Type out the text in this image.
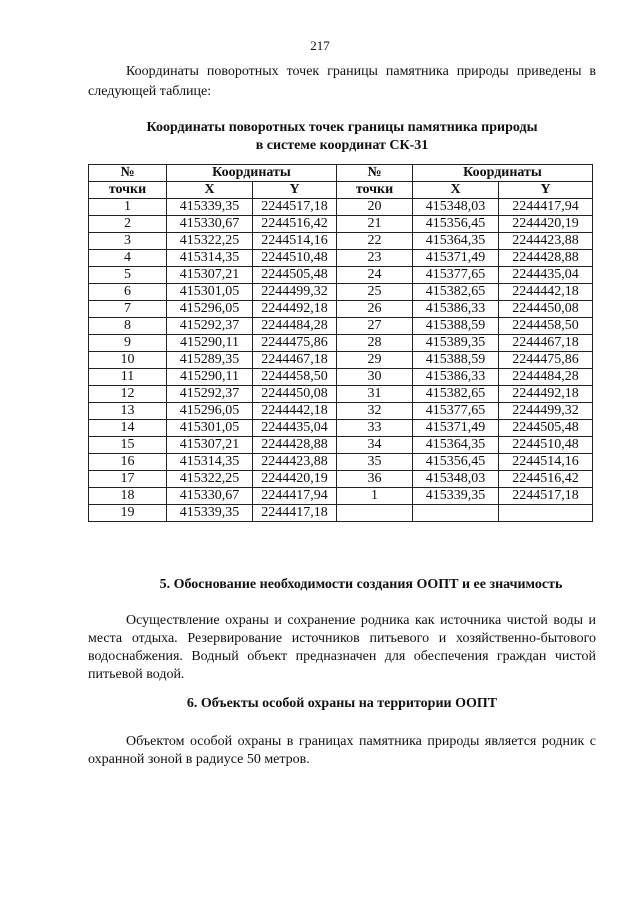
217

Координаты поворотных точек границы памятника природы приведены в следующей таблице:

Координаты поворотных точек границы памятника природы
в системе координат СК-31
№	Координаты		№	Координаты	
точки	X	Y	точки	X	Y
1	415339,35	2244517,18	20	415348,03	2244417,94
2	415330,67	2244516,42	21	415356,45	2244420,19
3	415322,25	2244514,16	22	415364,35	2244423,88
4	415314,35	2244510,48	23	415371,49	2244428,88
5	415307,21	2244505,48	24	415377,65	2244435,04
6	415301,05	2244499,32	25	415382,65	2244442,18
7	415296,05	2244492,18	26	415386,33	2244450,08
8	415292,37	2244484,28	27	415388,59	2244458,50
9	415290,11	2244475,86	28	415389,35	2244467,18
10	415289,35	2244467,18	29	415388,59	2244475,86
11	415290,11	2244458,50	30	415386,33	2244484,28
12	415292,37	2244450,08	31	415382,65	2244492,18
13	415296,05	2244442,18	32	415377,65	2244499,32
14	415301,05	2244435,04	33	415371,49	2244505,48
15	415307,21	2244428,88	34	415364,35	2244510,48
16	415314,35	2244423,88	35	415356,45	2244514,16
17	415322,25	2244420,19	36	415348,03	2244516,42
18	415330,67	2244417,94	1	415339,35	2244517,18
19	415339,35	2244417,18			
5. Обоснование необходимости создания ООПТ и ее значимость

Осуществление охраны и сохранение родника как источника чистой воды и места отдыха. Резервирование источников питьевого и хозяйственно-бытового водоснабжения. Водный объект предназначен для обеспечения граждан чистой питьевой водой.

6. Объекты особой охраны на территории ООПТ

Объектом особой охраны в границах памятника природы является родник с охранной зоной в радиусе 50 метров.
